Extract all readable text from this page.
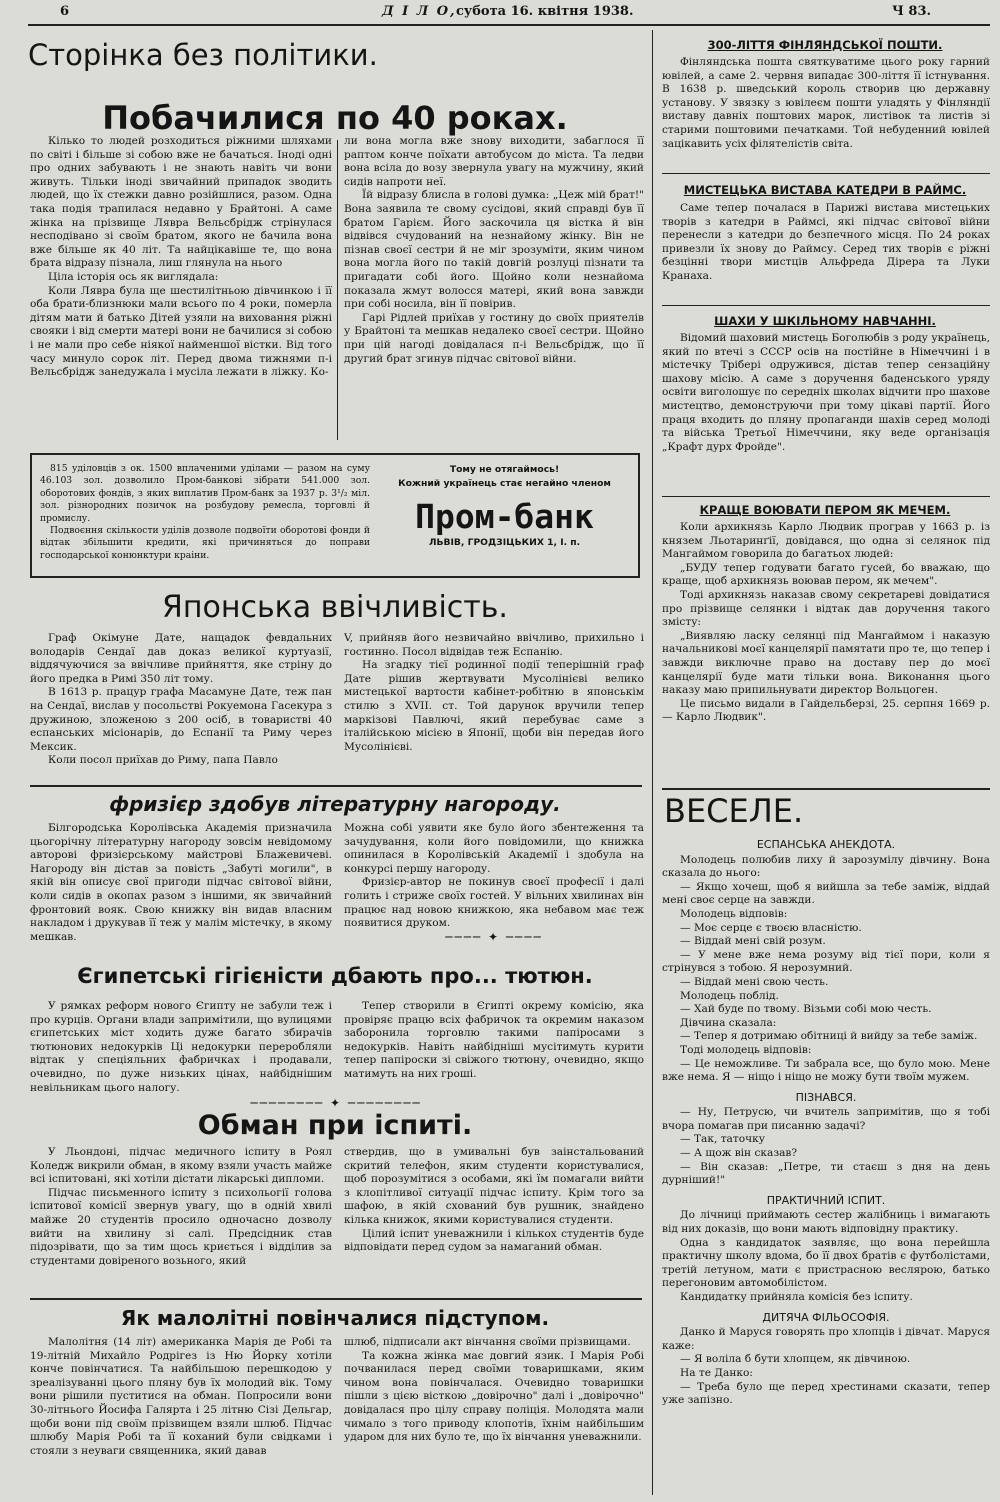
6	Д І Л О, субота 16. квітня 1938.	Ч 83.
Сторінка без політики.
Побачилися по 40 роках.

Кілько то людей розходиться ріжними шляхами по світі і більше зі собою вже не бачаться. Іноді одні про одних забувають і не знають навіть чи вони живуть. Тільки іноді звичайний припадок зводить людей, що їх стежки давно розійшлися, разом. Одна така подія трапилася недавно у Брайтоні. А саме жінка на прізвище Лявра Вельсбрідж стрінулася несподівано зі своїм братом, якого не бачила вона вже більше як 40 літ. Та найцікавіше те, що вона брата відразу пізнала, лиш глянула на нього

Ціла історія ось як виглядала:

Коли Лявра була ще шестилітньою дівчинкою і її оба брати-близнюки мали всього по 4 роки, померла дітям мати й батько Дітей узяли на виховання ріжні свояки і від смерти матері вони не бачилися зі собою і не мали про себе ніякої найменшої вістки. Від того часу минуло сорок літ. Перед двома тижнями п-і Вельсбрідж занедужала і мусіла лежати в ліжку. Ко-

ли вона могла вже знову виходити, забаглося її раптом конче поїхати автобусом до міста. Та ледви вона всіла до возу звернула увагу на мужчину, який сидів напроти неї.

Їй відразу блисла в голові думка: „Цеж мій брат!" Вона заявила те свому сусідові, який справді був її братом Гарієм. Його заскочила ця вістка й він відвівся счудований на незнайому жінку. Він не пізнав своєї сестри й не міг зрозуміти, яким чином вона могла його по такій довгій розлуці пізнати та пригадати собі його. Щойно коли незнайома показала жмут волосся матері, який вона завжди при собі носила, він її повірив.

Гарі Рідлей приїхав у гостину до своїх приятелів у Брайтоні та мешкав недалеко своєї сестри. Щойно при цій нагоді довідалася п-і Вельсбрідж, що її другий брат згинув підчас світової війни.

815 уділовців з ок. 1500 вплаченими уділами — разом на суму 46.103 зол. дозволило Пром-банкові зібрати 541.000 зол. оборотових фондів, з яких виплатив Пром-банк за 1937 р. 3¹/₂ міл. зол. різнородних позичок на розбудову ремесла, торговлі й промислу.

Подвоєння скількости уділів дозволе подвоїти оборотові фонди й відтак збільшити кредити, які причиняться до поправи господарської конюнктури краіни.

Тому не отягаймось!
Кожний українець стає негайно членом
Пром-банк
ЛЬВІВ, ГРОДЗІЦЬКИХ 1, І. п.
Японська ввічливість.

Граф Окімуне Дате, нащадок февдальних володарів Сендаї дав доказ великої куртуазії, віддячуючися за ввічливе прийняття, яке стріну до його предка в Римі 350 літ тому.

В 1613 р. працур графа Масамуне Дате, теж пан на Сендаї, вислав у посольстві Рокуемона Гасекура з дружиною, зложеною з 200 осіб, в товаристві 40 еспанських місіонарів, до Еспанії та Риму через Мексик.

Коли посол приїхав до Риму, папа Павло

V, прийняв його незвичайно ввічливо, прихильно і гостинно. Посол відвідав теж Еспанію.

На згадку тієї родинної події теперішній граф Дате рішив жертвувати Мусолінієві велико мистецької вартости кабінет-робітню в японськім стилю з XVII. ст. Той дарунок вручили тепер маркізові Павлючі, який перебуває саме з італійською місією в Японії, щоби він передав його Мусолінієві.

фризієр здобув літературну нагороду.

Білгородська Королівська Академія призначила цьогорічну літературну нагороду зовсім невідомому авторові фризієрському майстрові Блажевичеві. Нагороду він дістав за повість „Забуті могили", в якій він описує свої пригоди підчас світової війни, коли сидів в окопах разом з іншими, як звичайний фронтовий вояк. Свою книжку він видав власним накладом і друкував її теж у малім містечку, в якому мешкав.

Можна собі уявити яке було його збентеження та зачудування, коли його повідомили, що книжка опинилася в Королівській Академії і здобула на конкурсі першу нагороду.

Фризієр-автор не покинув своєї професії і далі голить і стриже своїх гостей. У вільних хвилинах він працює над новою книжкою, яка небавом має теж появитися друком.

──── ✦ ────
Єгипетські гігієністи дбають про... тютюн.

У рямках реформ нового Єгипту не забули теж і про курців. Органи влади запримітили, що вулицями єгипетських міст ходить дуже багато збирачів тютюнових недокурків Ці недокурки переробляли відтак у спеціяльних фабричках і продавали, очевидно, по дуже низьких цінах, найбіднішим невільникам цього налогу.

Тепер створили в Єгипті окрему комісію, яка провіряє працю всіх фабричок та окремим наказом заборонила торговлю такими папіросами з недокурків. Навіть найбідніші мусітимуть курити тепер папіроски зі свіжого тютюну, очевидно, якщо матимуть на них гроші.

──────── ✦ ────────
Обман при іспиті.

У Льондоні, підчас медичного іспиту в Роял Коледж викрили обман, в якому взяли участь майже всі іспитовані, які хотіли дістати лікарські дипломи.

Підчас письменного іспиту з психольогії голова іспитової комісії звернув увагу, що в одній хвилі майже 20 студентів просило одночасно дозволу вийти на хвилину зі салі. Предсідник став підозрівати, що за тим щось криється і відділив за студентами довіреного возьного, який

ствердив, що в умивальні був заінстальований скритий телефон, яким студенти користувалися, щоб порозумітися з особами, які їм помагали вийти з клопітливої ситуації підчас іспиту. Крім того за шафою, в якій схований був рушник, знайдено кілька книжок, якими користувалися студенти.

Цілий іспит уневажнили і кількох студентів буде відповідати перед судом за намаганий обман.

Як малолітні повінчалися підступом.

Малолітня (14 літ) американка Марія де Робі та 19-літній Михайло Родрігез із Ню Йорку хотіли конче повінчатися. Та найбільшою перешкодою у зреалізуванні цього пляну був їх молодий вік. Тому вони рішили пуститися на обман. Попросили вони 30-літнього Йосифа Галярта і 25 літню Сізі Дельгар, щоби вони під своїм прізвищем взяли шлюб. Підчас шлюбу Марія Робі та її коханий були свідками і стояли з неуваги священника, який давав

шлюб, підписали акт вінчання своїми прізвищами.

Та кожна жінка має довгий язик. І Марія Робі почванилася перед своїми товаришками, яким чином вона повінчалася. Очевидно товаришки пішли з цією вісткою „довірочно" далі і „довірочно" довідалася про цілу справу поліція. Молодята мали чимало з того приводу клопотів, їхнім найбільшим ударом для них було те, що їх вінчання уневажнили.

300-ЛІТТЯ ФІНЛЯНДСЬКОЇ ПОШТИ.

Фінляндська пошта святкуватиме цього року гарний ювілей, а саме 2. червня випадає 300-ліття її істнування. В 1638 р. шведський король створив цю державну установу. У звязку з ювілеєм пошти уладять у Фінляндії виставу давніх поштових марок, листівок та листів зі старими поштовими печатками. Той небуденний ювілей зацікавить усіх філятелістів світа.

МИСТЕЦЬКА ВИСТАВА КАТЕДРИ В РАЙМС.

Саме тепер почалася в Парижі вистава мистецьких творів з катедри в Раймсі, які підчас світової війни перенесли з катедри до безпечного місця. По 24 роках привезли їх знову до Раймсу. Серед тих творів є ріжні безцінні твори мистців Альфреда Дірера та Луки Кранаха.

ШАХИ У ШКІЛЬНОМУ НАВЧАННІ.

Відомий шаховий мистець Боголюбів з роду українець, який по втечі з СССР осів на постійне в Німеччині і в містечку Трібері одружився, дістав тепер сензаційну шахову місію. А саме з доручення баденського уряду освіти виголошує по середніх школах відчити про шахове мистецтво, демонструючи при тому цікаві партії. Його праця входить до пляну пропаганди шахів серед молоді та війська Третьої Німеччини, яку веде організація „Крафт дурх Фройде".

КРАЩЕ ВОЮВАТИ ПЕРОМ ЯК МЕЧЕМ.

Коли архикнязь Карло Людвик програв у 1663 р. із князем Льотаринґії, довідався, що одна зі селянок під Мангаймом говорила до багатьох людей:

„БУДУ тепер годувати багато гусей, бо вважаю, що краще, щоб архикнязь воював пером, як мечем".

Тоді архикнязь наказав свому секретареві довідатися про прізвище селянки і відтак дав доручення такого змісту:

„Виявляю ласку селянці під Мангаймом і наказую начальникові моєї канцелярії памятати про те, що тепер і завжди виключне право на доставу пер до моєї канцелярії буде мати тільки вона. Виконання цього наказу маю припильнувати директор Вольцоген.

Це письмо видали в Гайдельберзі, 25. серпня 1669 р. — Карло Людвик".

ВЕСЕЛЕ.

ЕСПАНСЬКА АНЕКДОТА.

Молодець полюбив лиху й зарозумілу дівчину. Вона сказала до нього:

— Якщо хочеш, щоб я вийшла за тебе заміж, віддай мені своє серце на завжди.

Молодець відповів:

— Моє серце є твоєю власністю.

— Віддай мені свій розум.

— У мене вже нема розуму від тієї пори, коли я стрінувся з тобою. Я нерозумний.

— Віддай мені свою честь.

Молодець поблід.

— Хай буде по твому. Візьми собі мою честь.

Дівчина сказала:

— Тепер я дотримаю обітниці й вийду за тебе заміж.

Тоді молодець відповів:

— Це неможливе. Ти забрала все, що було мою. Мене вже нема. Я — ніщо і ніщо не можу бути твоїм мужем.

ПІЗНАВСЯ.

— Ну, Петрусю, чи вчитель запримітив, що я тобі вчора помагав при писанню задачі?

— Так, таточку

— А щож він сказав?

— Він сказав: „Петре, ти стаєш з дня на день дурніший!"

ПРАКТИЧНИЙ ІСПИТ.

До лічниці приймають сестер жалібниць і вимагають від них доказів, що вони мають відповідну практику.

Одна з кандидаток заявляє, що вона перейшла практичну школу вдома, бо її двох братів є футболістами, третій летуном, мати є пристрасною веслярою, батько перегоновим автомобілістом.

Кандидатку прийняла комісія без іспиту.

ДИТЯЧА ФІЛЬОСОФІЯ.

Данко й Маруся говорять про хлопців і дівчат. Маруся каже:

— Я воліла б бути хлопцем, як дівчиною.

На те Данко:

— Треба було ще перед хрестинами сказати, тепер уже запізно.
